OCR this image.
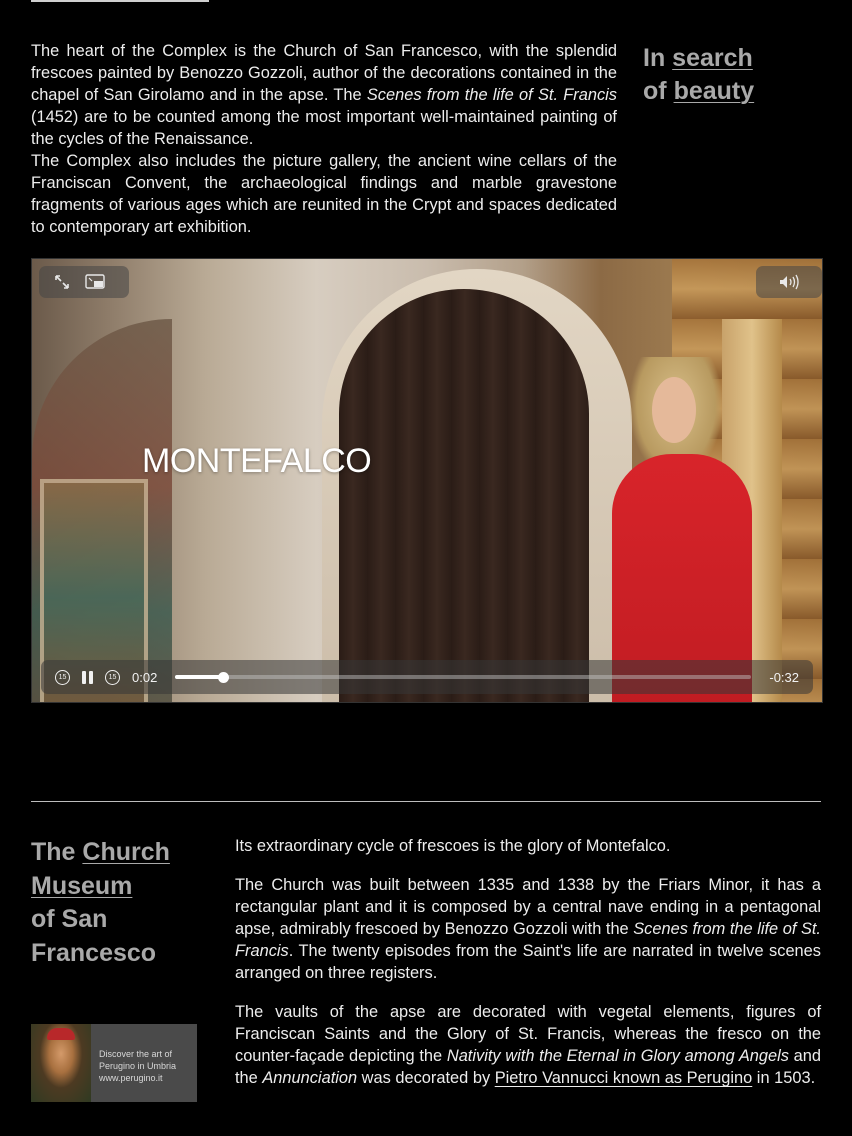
The heart of the Complex is the Church of San Francesco, with the splendid frescoes painted by Benozzo Gozzoli, author of the decorations contained in the chapel of San Girolamo and in the apse. The Scenes from the life of St. Francis (1452) are to be counted among the most important well-maintained painting of the cycles of the Renaissance.

The Complex also includes the picture gallery, the ancient wine cellars of the Franciscan Convent, the archaeological findings and marble gravestone fragments of various ages which are reunited in the Crypt and spaces dedicated to contemporary art exhibition.

In search
of beauty
MONTEFALCO
15	15 0:02	-0:32
The Church
Museum
of San
Francesco
Discover the art of
Perugino in Umbria
www.perugino.it

Its extraordinary cycle of frescoes is the glory of Montefalco.

The Church was built between 1335 and 1338 by the Friars Minor, it has a rectangular plant and it is composed by a central nave ending in a pentagonal apse, admirably frescoed by Benozzo Gozzoli with the Scenes from the life of St. Francis. The twenty episodes from the Saint's life are narrated in twelve scenes arranged on three registers.

The vaults of the apse are decorated with vegetal elements, figures of Franciscan Saints and the Glory of St. Francis, whereas the fresco on the counter-façade depicting the Nativity with the Eternal in Glory among Angels and the Annunciation was decorated by Pietro Vannucci known as Perugino in 1503.
